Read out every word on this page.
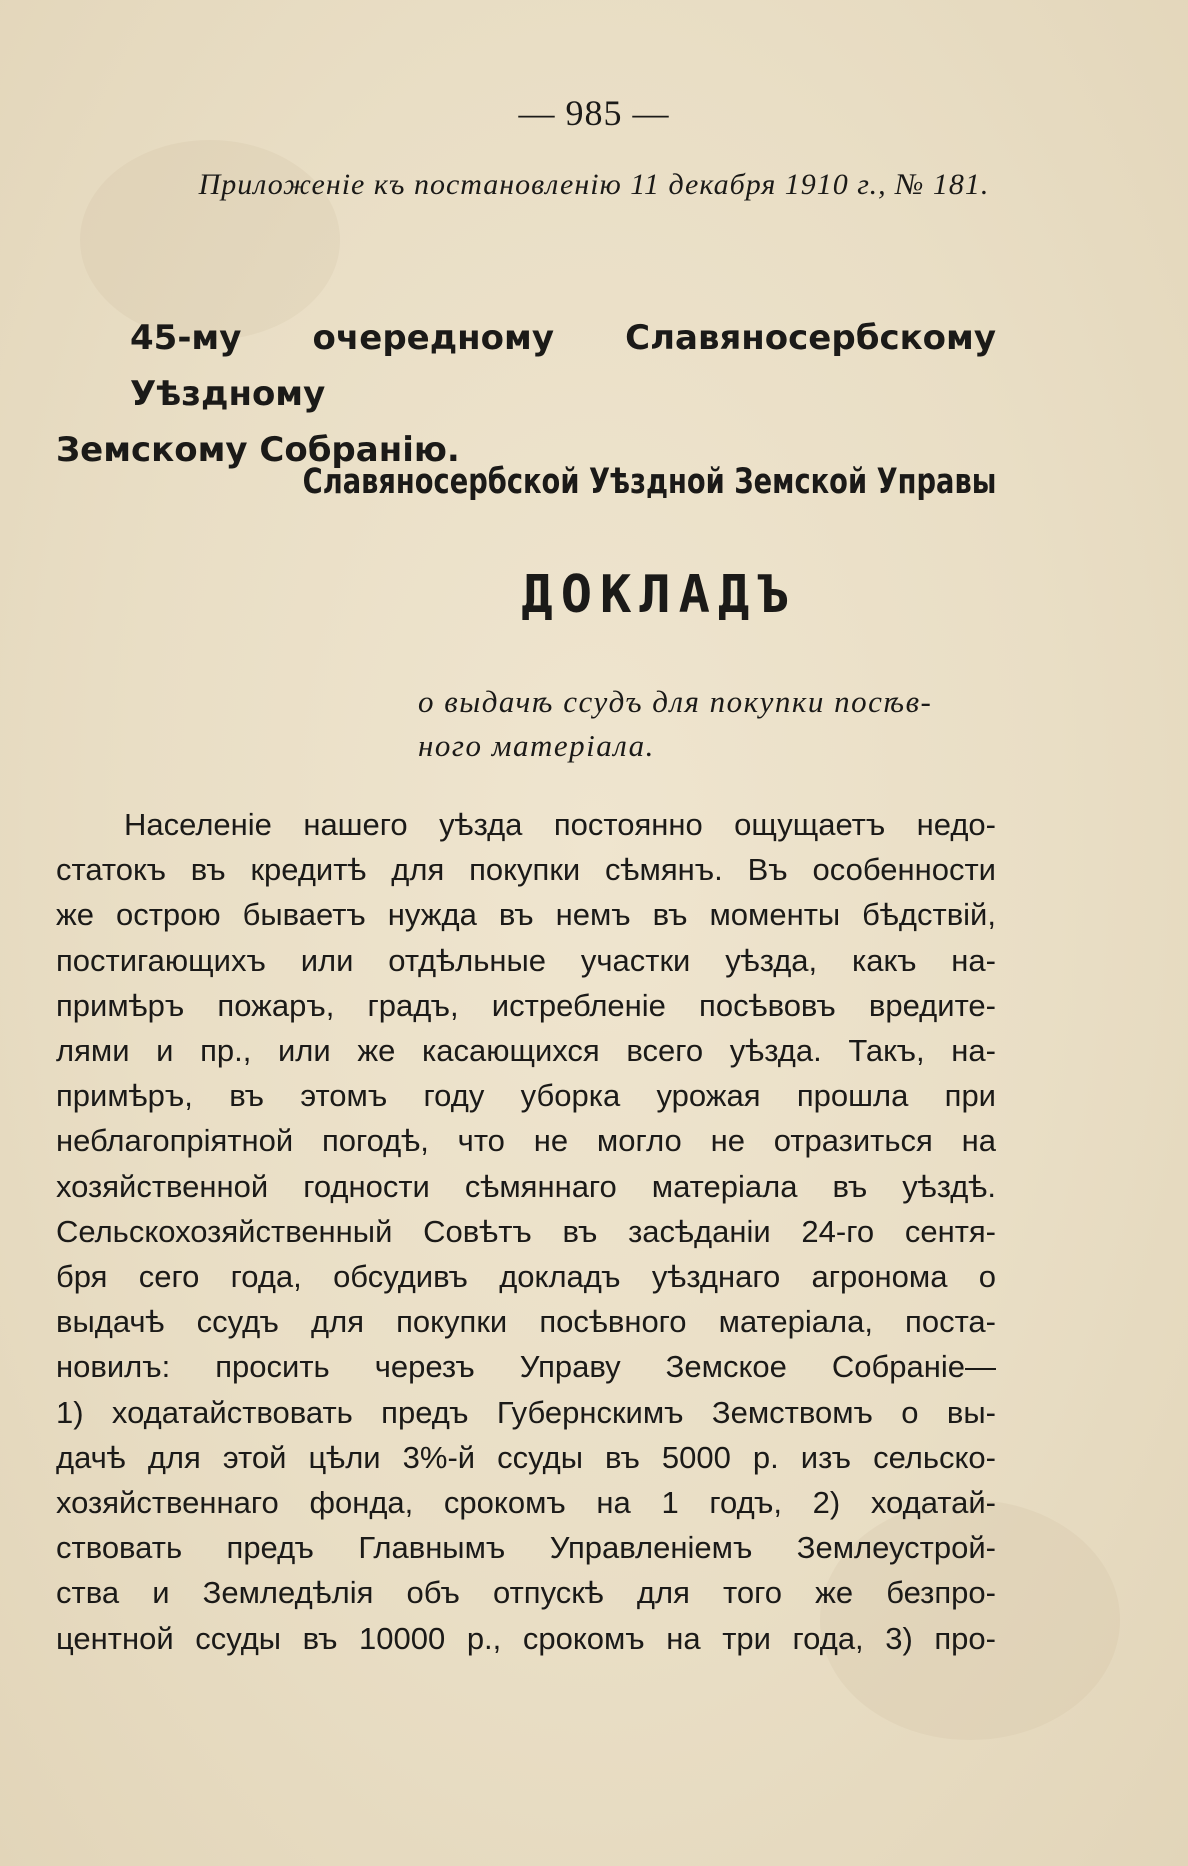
— 985 —
Приложеніе къ постановленію 11 декабря 1910 г., № 181.
45-му очередному Славяносербскому Уѣздному
Земскому Собранію.
Славяносербской Уѣздной Земской Управы
ДОКЛАДЪ
о выдачѣ ссудъ для покупки посѣв-
ного матеріала.
Населеніе нашего уѣзда постоянно ощущаетъ недо-
статокъ въ кредитѣ для покупки сѣмянъ. Въ особенности
же острою бываетъ нужда въ немъ въ моменты бѣдствій,
постигающихъ или отдѣльные участки уѣзда, какъ на-
примѣръ пожаръ, градъ, истребленіе посѣвовъ вредите-
лями и пр., или же касающихся всего уѣзда. Такъ, на-
примѣръ, въ этомъ году уборка урожая прошла при
неблагопріятной погодѣ, что не могло не отразиться на
хозяйственной годности сѣмяннаго матеріала въ уѣздѣ.
Сельскохозяйственный Совѣтъ въ засѣданіи 24-го сентя-
бря сего года, обсудивъ докладъ уѣзднаго агронома о
выдачѣ ссудъ для покупки посѣвного матеріала, поста-
новилъ: просить черезъ Управу Земское Собраніе—
1) ходатайствовать предъ Губернскимъ Земствомъ о вы-
дачѣ для этой цѣли 3%-й ссуды въ 5000 р. изъ сельско-
хозяйственнаго фонда, срокомъ на 1 годъ, 2) ходатай-
ствовать предъ Главнымъ Управленіемъ Землеустрой-
ства и Земледѣлія объ отпускѣ для того же безпро-
центной ссуды въ 10000 р., срокомъ на три года, 3) про-
